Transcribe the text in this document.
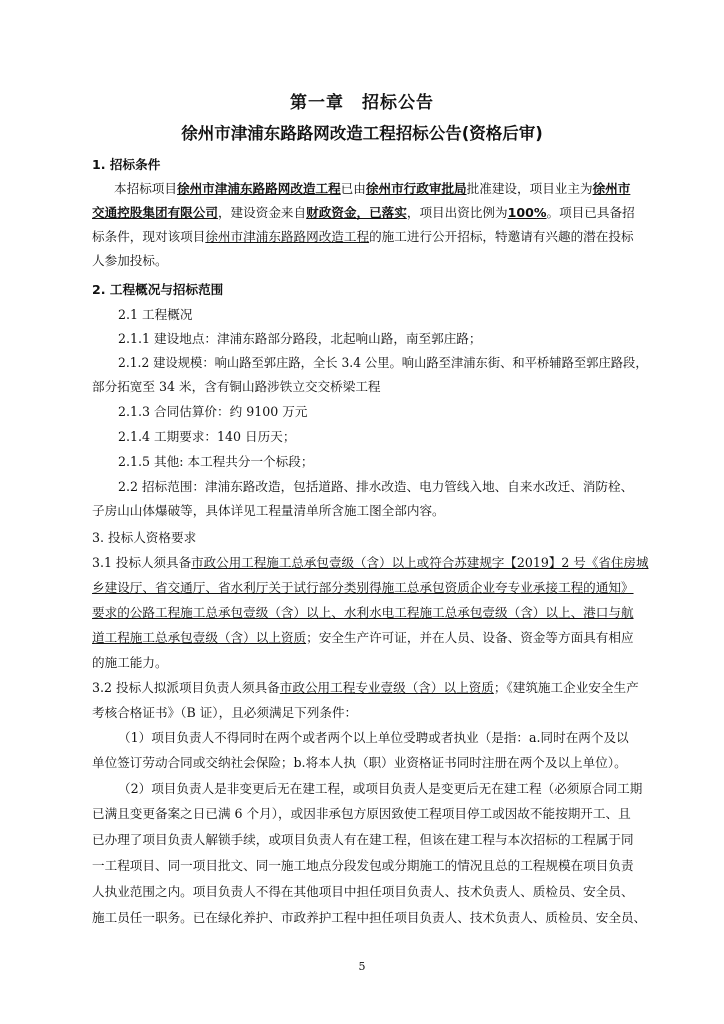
第一章 招标公告
徐州市津浦东路路网改造工程招标公告(资格后审)
1. 招标条件
本招标项目徐州市津浦东路路网改造工程已由徐州市行政审批局批准建设，项目业主为徐州市
交通控股集团有限公司，建设资金来自财政资金，已落实，项目出资比例为100%。项目已具备招
标条件，现对该项目徐州市津浦东路路网改造工程的施工进行公开招标，特邀请有兴趣的潜在投标
人参加投标。
2. 工程概况与招标范围
2.1 工程概况
2.1.1 建设地点：津浦东路部分路段，北起响山路，南至郭庄路；
2.1.2 建设规模：响山路至郭庄路，全长 3.4 公里。响山路至津浦东街、和平桥辅路至郭庄路段，
部分拓宽至 34 米，含有铜山路涉铁立交交桥梁工程
2.1.3 合同估算价：约 9100 万元
2.1.4 工期要求：140 日历天；
2.1.5 其他: 本工程共分一个标段；
2.2 招标范围：津浦东路改造，包括道路、排水改造、电力管线入地、自来水改迁、消防栓、
子房山山体爆破等，具体详见工程量清单所含施工图全部内容。
3. 投标人资格要求
3.1 投标人须具备市政公用工程施工总承包壹级（含）以上或符合苏建规字【2019】2 号《省住房城
乡建设厅、省交通厅、省水利厅关于试行部分类别得施工总承包资质企业夸专业承接工程的通知》
要求的公路工程施工总承包壹级（含）以上、水利水电工程施工总承包壹级（含）以上、港口与航
道工程施工总承包壹级（含）以上资质；安全生产许可证，并在人员、设备、资金等方面具有相应
的施工能力。
3.2 投标人拟派项目负责人须具备市政公用工程专业壹级（含）以上资质；《建筑施工企业安全生产
考核合格证书》（B 证），且必须满足下列条件：
（1）项目负责人不得同时在两个或者两个以上单位受聘或者执业（是指：a.同时在两个及以
单位签订劳动合同或交纳社会保险；b.将本人执（职）业资格证书同时注册在两个及以上单位）。
（2）项目负责人是非变更后无在建工程，或项目负责人是变更后无在建工程（必须原合同工期
已满且变更备案之日已满 6 个月），或因非承包方原因致使工程项目停工或因故不能按期开工、且
已办理了项目负责人解锁手续，或项目负责人有在建工程，但该在建工程与本次招标的工程属于同
一工程项目、同一项目批文、同一施工地点分段发包或分期施工的情况且总的工程规模在项目负责
人执业范围之内。项目负责人不得在其他项目中担任项目负责人、技术负责人、质检员、安全员、
施工员任一职务。已在绿化养护、市政养护工程中担任项目负责人、技术负责人、质检员、安全员、
5
